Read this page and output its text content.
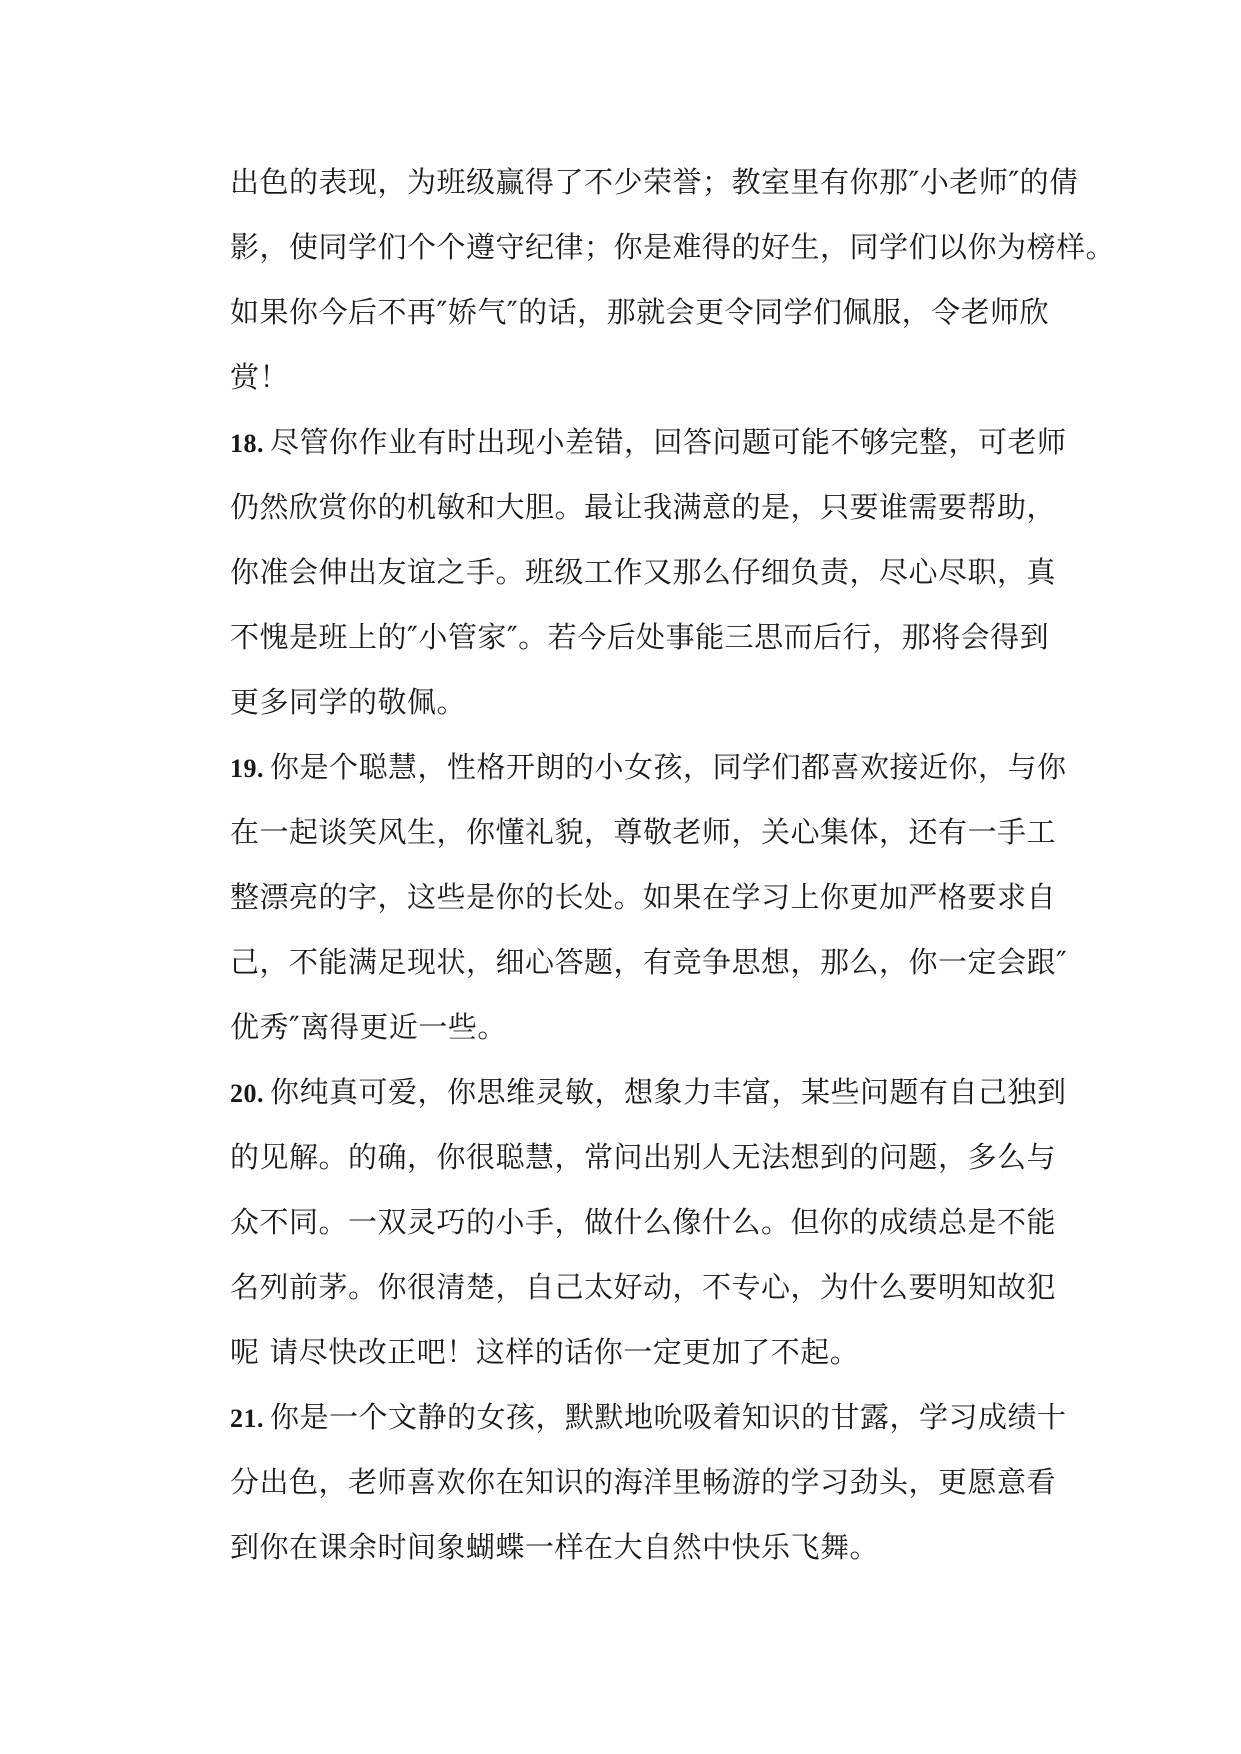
出色的表现，为班级赢得了不少荣誉；教室里有你那″小老师″的倩
影，使同学们个个遵守纪律；你是难得的好生，同学们以你为榜样。
如果你今后不再″娇气″的话，那就会更令同学们佩服，令老师欣
赏！
18. 尽管你作业有时出现小差错，回答问题可能不够完整，可老师
仍然欣赏你的机敏和大胆。最让我满意的是，只要谁需要帮助，
你准会伸出友谊之手。班级工作又那么仔细负责，尽心尽职，真
不愧是班上的″小管家″。若今后处事能三思而后行，那将会得到
更多同学的敬佩。
19. 你是个聪慧，性格开朗的小女孩，同学们都喜欢接近你，与你
在一起谈笑风生，你懂礼貌，尊敬老师，关心集体，还有一手工
整漂亮的字，这些是你的长处。如果在学习上你更加严格要求自
己，不能满足现状，细心答题，有竞争思想，那么，你一定会跟″
优秀″离得更近一些。
20. 你纯真可爱，你思维灵敏，想象力丰富，某些问题有自己独到
的见解。的确，你很聪慧，常问出别人无法想到的问题，多么与
众不同。一双灵巧的小手，做什么像什么。但你的成绩总是不能
名列前茅。你很清楚，自己太好动，不专心，为什么要明知故犯
呢 请尽快改正吧！这样的话你一定更加了不起。
21. 你是一个文静的女孩，默默地吮吸着知识的甘露，学习成绩十
分出色，老师喜欢你在知识的海洋里畅游的学习劲头，更愿意看
到你在课余时间象蝴蝶一样在大自然中快乐飞舞。
